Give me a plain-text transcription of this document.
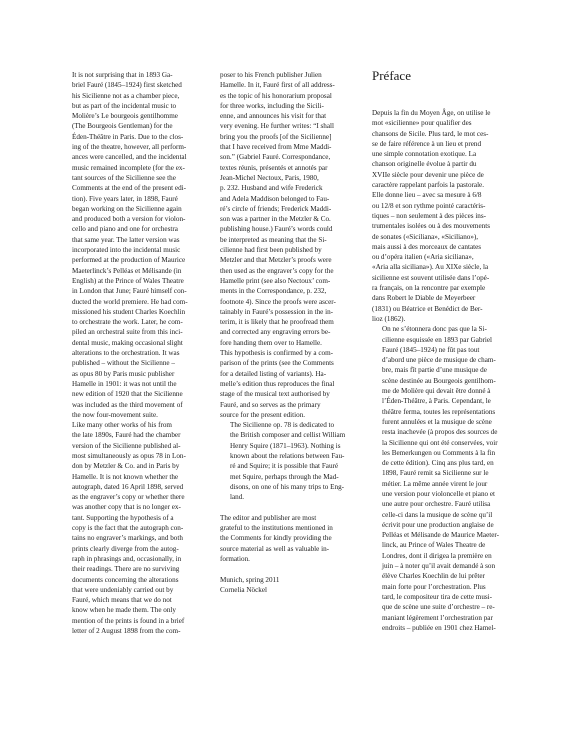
It is not surprising that in 1893 Ga-
briel Fauré (1845–1924) first sketched
his Sicilienne not as a chamber piece,
but as part of the incidental music to
Molière’s Le bourgeois gentilhomme
(The Bourgeois Gentleman) for the
Éden-Théâtre in Paris. Due to the clos-
ing of the theatre, however, all perform-
ances were cancelled, and the incidental
music remained incomplete (for the ex-
tant sources of the Sicilienne see the
Comments at the end of the present edi-
tion). Five years later, in 1898, Fauré
began working on the Sicilienne again
and produced both a version for violon-
cello and piano and one for orchestra
that same year. The latter version was
incorporated into the incidental music
performed at the production of Maurice
Maeterlinck’s Pelléas et Mélisande (in
English) at the Prince of Wales Theatre
in London that June; Fauré himself con-
ducted the world premiere. He had com-
missioned his student Charles Koechlin
to orchestrate the work. Later, he com-
piled an orchestral suite from this inci-
dental music, making occasional slight
alterations to the orchestration. It was
published – without the Sicilienne –
as opus 80 by Paris music publisher
Hamelle in 1901: it was not until the
new edition of 1920 that the Sicilienne
was included as the third movement of
the now four-movement suite.

Like many other works of his from
the late 1890s, Fauré had the chamber
version of the Sicilienne published al-
most simultaneously as opus 78 in Lon-
don by Metzler & Co. and in Paris by
Hamelle. It is not known whether the
autograph, dated 16 April 1898, served
as the engraver’s copy or whether there
was another copy that is no longer ex-
tant. Supporting the hypothesis of a
copy is the fact that the autograph con-
tains no engraver’s markings, and both
prints clearly diverge from the autog-
raph in phrasings and, occasionally, in
their readings. There are no surviving
documents concerning the alterations
that were undeniably carried out by
Fauré, which means that we do not
know when he made them. The only
mention of the prints is found in a brief
letter of 2 August 1898 from the com-

poser to his French publisher Julien
Hamelle. In it, Fauré first of all address-
es the topic of his honorarium proposal
for three works, including the Sicili-
enne, and announces his visit for that
very evening. He further writes: “I shall
bring you the proofs [of the Sicilienne]
that I have received from Mme Maddi-
son.” (Gabriel Fauré. Correspondance,
textes réunis, présentés et annotés par
Jean-Michel Nectoux, Paris, 1980,
p. 232. Husband and wife Frederick
and Adela Maddison belonged to Fau-
ré’s circle of friends; Frederick Maddi-
son was a partner in the Metzler & Co.
publishing house.) Fauré’s words could
be interpreted as meaning that the Si-
cilienne had first been published by
Metzler and that Metzler’s proofs were
then used as the engraver’s copy for the
Hamelle print (see also Nectoux’ com-
ments in the Correspondance, p. 232,
footnote 4). Since the proofs were ascer-
tainably in Fauré’s possession in the in-
terim, it is likely that he proofread them
and corrected any engraving errors be-
fore handing them over to Hamelle.
This hypothesis is confirmed by a com-
parison of the prints (see the Comments
for a detailed listing of variants). Ha-
melle’s edition thus reproduces the final
stage of the musical text authorised by
Fauré, and so serves as the primary
source for the present edition.

The Sicilienne op. 78 is dedicated to
the British composer and cellist William
Henry Squire (1871–1963). Nothing is
known about the relations between Fau-
ré and Squire; it is possible that Fauré
met Squire, perhaps through the Mad-
disons, on one of his many trips to Eng-
land.

The editor and publisher are most
grateful to the institutions mentioned in
the Comments for kindly providing the
source material as well as valuable in-
formation.

Munich, spring 2011
Cornelia Nöckel

Préface

Depuis la fin du Moyen Âge, on utilise le
mot «sicilienne» pour qualifier des
chansons de Sicile. Plus tard, le mot ces-
se de faire référence à un lieu et prend
une simple connotation exotique. La
chanson originelle évolue à partir du
XVIIe siècle pour devenir une pièce de
caractère rappelant parfois la pastorale.
Elle donne lieu – avec sa mesure à 6/8
ou 12/8 et son rythme pointé caractéris-
tiques – non seulement à des pièces ins-
trumentales isolées ou à des mouvements
de sonates («Siciliana», «Siciliano»),
mais aussi à des morceaux de cantates
ou d’opéra italien («Aria siciliana»,
«Aria alla siciliana»). Au XIXe siècle, la
sicilienne est souvent utilisée dans l’opé-
ra français, on la rencontre par exemple
dans Robert le Diable de Meyerbeer
(1831) ou Béatrice et Benédict de Ber-
lioz (1862).

On ne s’étonnera donc pas que la Si-
cilienne esquissée en 1893 par Gabriel
Fauré (1845–1924) ne fût pas tout
d’abord une pièce de musique de cham-
bre, mais fît partie d’une musique de
scène destinée au Bourgeois gentilhom-
me de Molière qui devait être donné à
l’Éden-Théâtre, à Paris. Cependant, le
théâtre ferma, toutes les représentations
furent annulées et la musique de scène
resta inachevée (à propos des sources de
la Sicilienne qui ont été conservées, voir
les Bemerkungen ou Comments à la fin
de cette édition). Cinq ans plus tard, en
1898, Fauré remit sa Sicilienne sur le
métier. La même année virent le jour
une version pour violoncelle et piano et
une autre pour orchestre. Fauré utilisa
celle-ci dans la musique de scène qu’il
écrivit pour une production anglaise de
Pelléas et Mélisande de Maurice Maeter-
linck, au Prince of Wales Theatre de
Londres, dont il dirigea la première en
juin – à noter qu’il avait demandé à son
élève Charles Koechlin de lui prêter
main forte pour l’orchestration. Plus
tard, le compositeur tira de cette musi-
que de scène une suite d’orchestre – re-
maniant légèrement l’orchestration par
endroits – publiée en 1901 chez Hamel-
